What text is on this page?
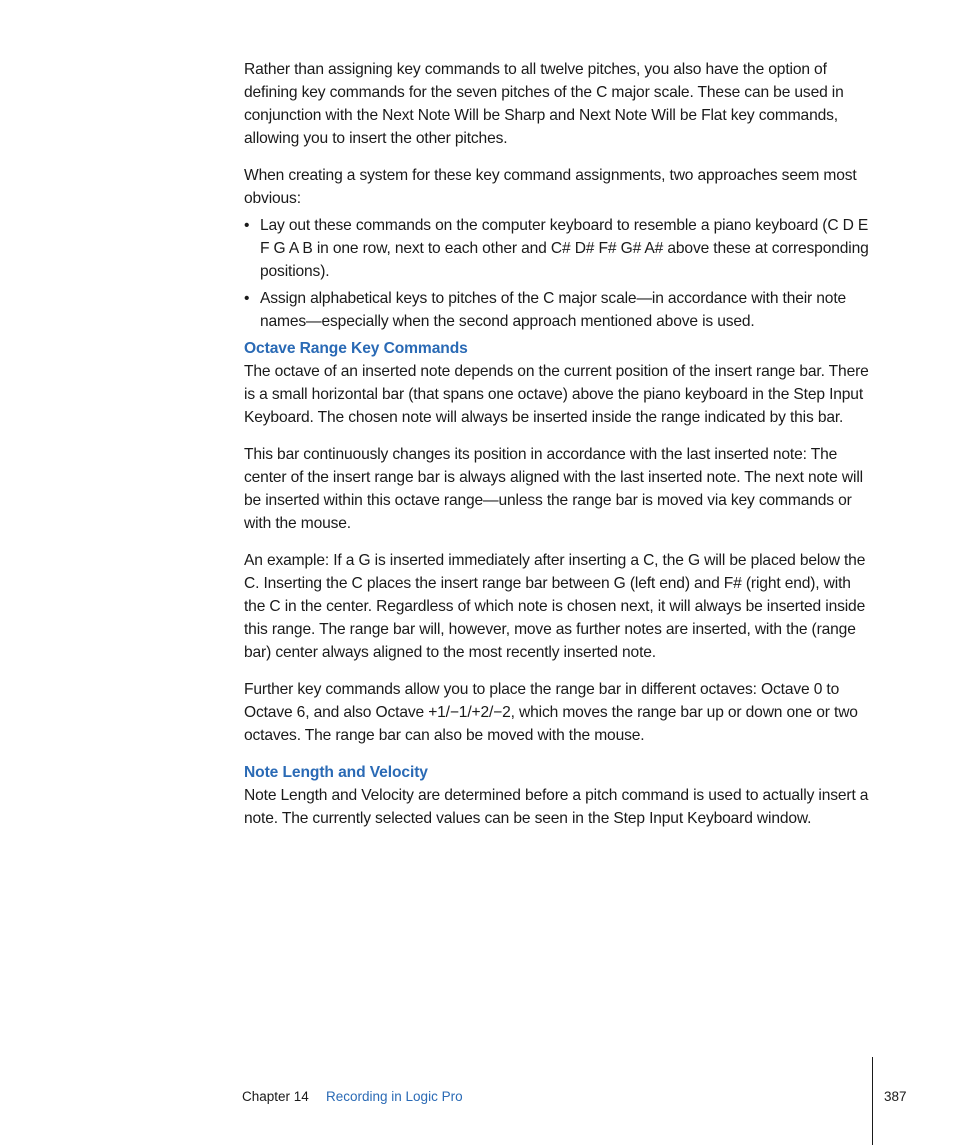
Rather than assigning key commands to all twelve pitches, you also have the option of defining key commands for the seven pitches of the C major scale. These can be used in conjunction with the Next Note Will be Sharp and Next Note Will be Flat key commands, allowing you to insert the other pitches.

When creating a system for these key command assignments, two approaches seem most obvious:

• Lay out these commands on the computer keyboard to resemble a piano keyboard (C D E F G A B in one row, next to each other and C# D# F# G# A# above these at corresponding positions).
• Assign alphabetical keys to pitches of the C major scale—in accordance with their note names—especially when the second approach mentioned above is used.
Octave Range Key Commands

The octave of an inserted note depends on the current position of the insert range bar. There is a small horizontal bar (that spans one octave) above the piano keyboard in the Step Input Keyboard. The chosen note will always be inserted inside the range indicated by this bar.

This bar continuously changes its position in accordance with the last inserted note: The center of the insert range bar is always aligned with the last inserted note. The next note will be inserted within this octave range—unless the range bar is moved via key commands or with the mouse.

An example: If a G is inserted immediately after inserting a C, the G will be placed below the C. Inserting the C places the insert range bar between G (left end) and F# (right end), with the C in the center. Regardless of which note is chosen next, it will always be inserted inside this range. The range bar will, however, move as further notes are inserted, with the (range bar) center always aligned to the most recently inserted note.

Further key commands allow you to place the range bar in different octaves: Octave 0 to Octave 6, and also Octave +1/−1/+2/−2, which moves the range bar up or down one or two octaves. The range bar can also be moved with the mouse.

Note Length and Velocity

Note Length and Velocity are determined before a pitch command is used to actually insert a note. The currently selected values can be seen in the Step Input Keyboard window.

Chapter 14 Recording in Logic Pro	387
